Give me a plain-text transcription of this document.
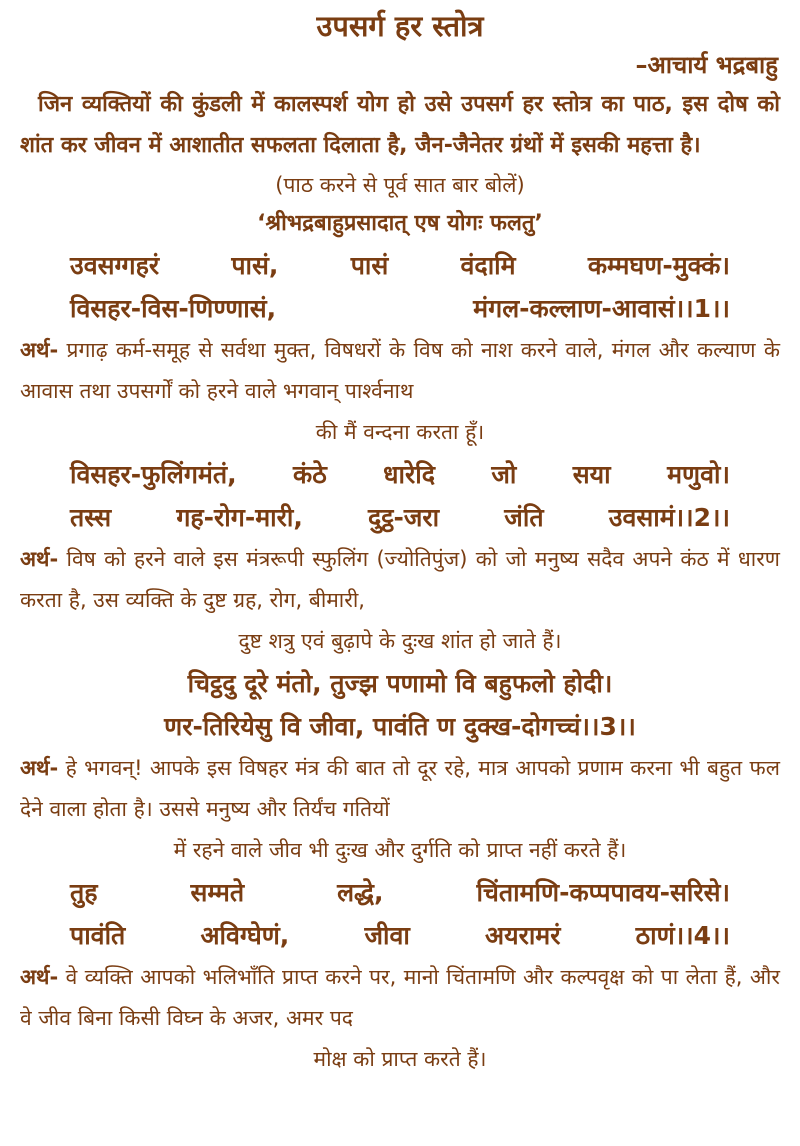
उपसर्ग हर स्तोत्र
–आचार्य भद्रबाहु

जिन व्यक्तियों की कुंडली में कालस्पर्श योग हो उसे उपसर्ग हर स्तोत्र का पाठ, इस दोष को शांत कर जीवन में आशातीत सफलता दिलाता है, जैन-जैनेतर ग्रंथों में इसकी महत्ता है।

(पाठ करने से पूर्व सात बार बोलें)
‘श्रीभद्रबाहुप्रसादात् एष योगः फलतु’
उवसग्गहरं	पासं,	पासं	वंदामि	कम्मघण-मुक्कं।
विसहर-विस-णिण्णासं,	मंगल-कल्लाण-आवासं।।1।।

अर्थ- प्रगाढ़ कर्म-समूह से सर्वथा मुक्त, विषधरों के विष को नाश करने वाले, मंगल और कल्याण के आवास तथा उपसर्गों को हरने वाले भगवान् पार्श्वनाथ

की मैं वन्दना करता हूँ।
विसहर-फुलिंगमंतं, कंठे धारेदि जो सया मणुवो।
तस्स	गह-रोग-मारी,	दुट्ठ-जरा	जंति	उवसामं।।2।।

अर्थ- विष को हरने वाले इस मंत्ररूपी स्फुलिंग (ज्योतिपुंज) को जो मनुष्य सदैव अपने कंठ में धारण करता है, उस व्यक्ति के दुष्ट ग्रह, रोग, बीमारी,

दुष्ट शत्रु एवं बुढ़ापे के दुःख शांत हो जाते हैं।
चिट्ठदु दूरे मंतो, तुज्झ पणामो वि बहुफलो होदी।
णर-तिरियेसु वि जीवा, पावंति ण दुक्ख-दोगच्चं।।3।।

अर्थ- हे भगवन्! आपके इस विषहर मंत्र की बात तो दूर रहे, मात्र आपको प्रणाम करना भी बहुत फल देने वाला होता है। उससे मनुष्य और तिर्यंच गतियों

में रहने वाले जीव भी दुःख और दुर्गति को प्राप्त नहीं करते हैं।
तुह	सम्मते	लद्धे,	चिंतामणि-कप्पपावय-सरिसे।
पावंति	अविग्घेणं,	जीवा	अयरामरं	ठाणं।।4।।

अर्थ- वे व्यक्ति आपको भलिभाँति प्राप्त करने पर, मानो चिंतामणि और कल्पवृक्ष को पा लेता हैं, और वे जीव बिना किसी विघ्न के अजर, अमर पद

मोक्ष को प्राप्त करते हैं।
